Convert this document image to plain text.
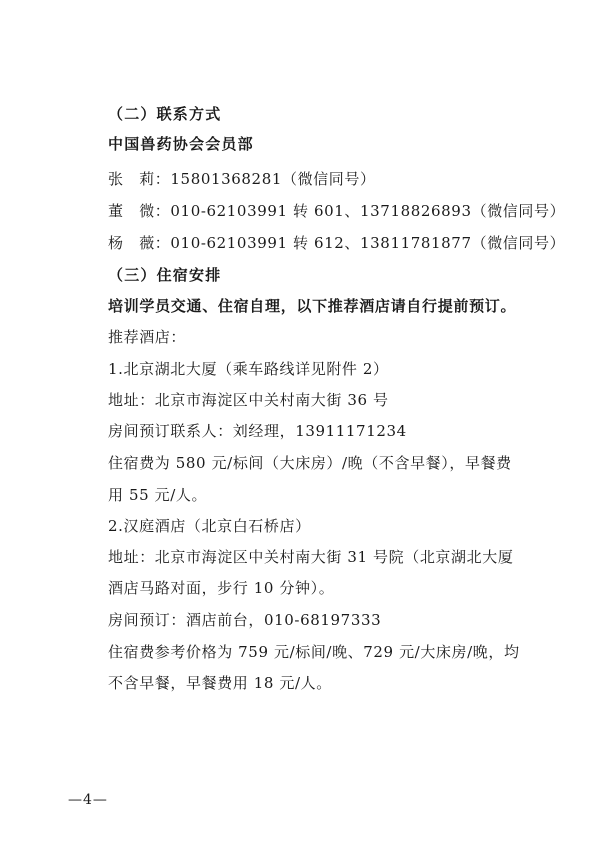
（二）联系方式
中国兽药协会会员部
张　莉：15801368281（微信同号）
董　微：010-62103991 转 601、13718826893（微信同号）
杨　薇：010-62103991 转 612、13811781877（微信同号）
（三）住宿安排
培训学员交通、住宿自理，以下推荐酒店请自行提前预订。
推荐酒店：
1.北京湖北大厦（乘车路线详见附件 2）
地址：北京市海淀区中关村南大街 36 号
房间预订联系人：刘经理，13911171234
住宿费为 580 元/标间（大床房）/晚（不含早餐），早餐费
用 55 元/人。
2.汉庭酒店（北京白石桥店）
地址：北京市海淀区中关村南大街 31 号院（北京湖北大厦
酒店马路对面，步行 10 分钟）。
房间预订：酒店前台，010-68197333
住宿费参考价格为 759 元/标间/晚、729 元/大床房/晚，均
不含早餐，早餐费用 18 元/人。
—4—
